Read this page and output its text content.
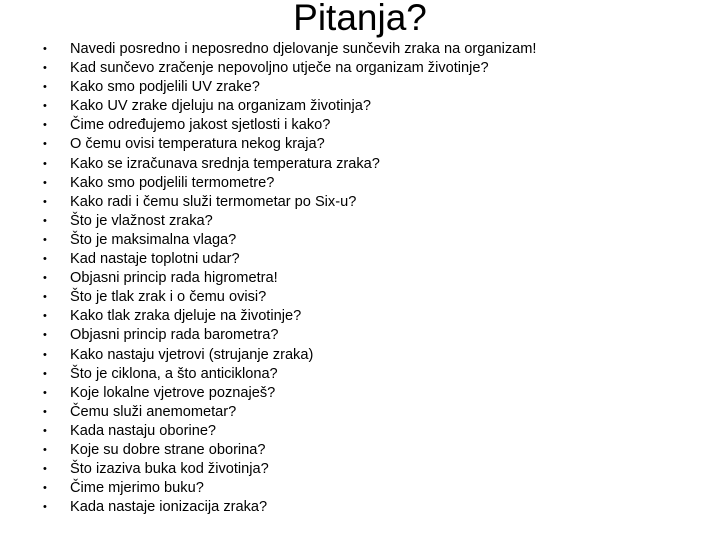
Pitanja?
• Navedi posredno i neposredno djelovanje sunčevih zraka na organizam!
• Kad sunčevo zračenje nepovoljno utječe na organizam životinje?
• Kako smo podjelili UV zrake?
• Kako UV zrake djeluju na organizam životinja?
• Čime određujemo jakost sjetlosti i kako?
• O čemu ovisi temperatura nekog kraja?
• Kako se izračunava srednja temperatura zraka?
• Kako smo podjelili termometre?
• Kako radi i čemu služi termometar po Six-u?
• Što je vlažnost zraka?
• Što je maksimalna vlaga?
• Kad nastaje toplotni udar?
• Objasni princip rada higrometra!
• Što je tlak zrak i o čemu ovisi?
• Kako tlak zraka djeluje na životinje?
• Objasni princip rada barometra?
• Kako nastaju vjetrovi (strujanje zraka)
• Što je ciklona, a što anticiklona?
• Koje lokalne vjetrove poznaješ?
• Čemu služi anemometar?
• Kada nastaju oborine?
• Koje su dobre strane oborina?
• Što izaziva buka kod životinja?
• Čime mjerimo buku?
• Kada nastaje ionizacija zraka?
